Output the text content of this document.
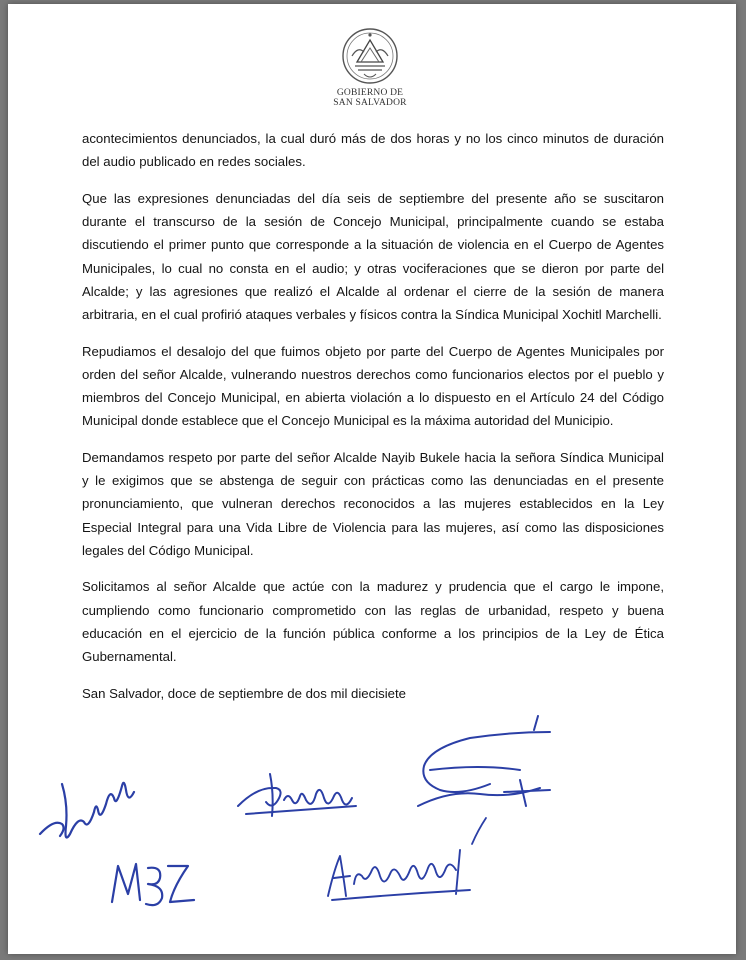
GOBIERNO DE
SAN SALVADOR

acontecimientos denunciados, la cual duró más de dos horas y no los cinco minutos de duración del audio publicado en redes sociales.

Que las expresiones denunciadas del día seis de septiembre del presente año se suscitaron durante el transcurso de la sesión de Concejo Municipal, principalmente cuando se estaba discutiendo el primer punto que corresponde a la situación de violencia en el Cuerpo de Agentes Municipales, lo cual no consta en el audio; y otras vociferaciones que se dieron por parte del Alcalde; y las agresiones que realizó el Alcalde al ordenar el cierre de la sesión de manera arbitraria, en el cual profirió ataques verbales y físicos contra la Síndica Municipal Xochitl Marchelli.

Repudiamos el desalojo del que fuimos objeto por parte del Cuerpo de Agentes Municipales por orden del señor Alcalde, vulnerando nuestros derechos como funcionarios electos por el pueblo y miembros del Concejo Municipal, en abierta violación a lo dispuesto en el Artículo 24 del Código Municipal donde establece que el Concejo Municipal es la máxima autoridad del Municipio.

Demandamos respeto por parte del señor Alcalde Nayib Bukele hacia la señora Síndica Municipal y le exigimos que se abstenga de seguir con prácticas como las denunciadas en el presente pronunciamiento, que vulneran derechos reconocidos a las mujeres establecidos en la Ley Especial Integral para una Vida Libre de Violencia para las mujeres, así como las disposiciones legales del Código Municipal.

Solicitamos al señor Alcalde que actúe con la madurez y prudencia que el cargo le impone, cumpliendo como funcionario comprometido con las reglas de urbanidad, respeto y buena educación en el ejercicio de la función pública conforme a los principios de la Ley de Ética Gubernamental.

San Salvador, doce de septiembre de dos mil diecisiete
